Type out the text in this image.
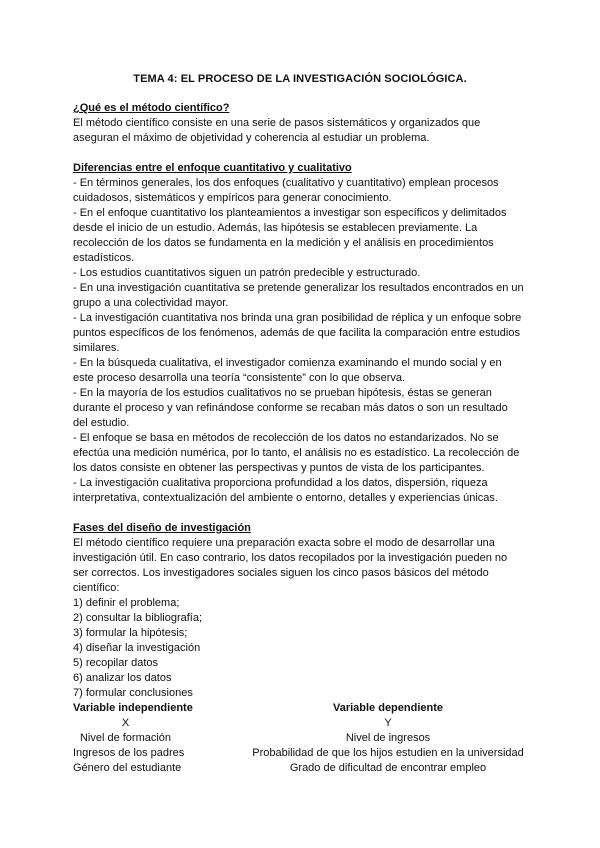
TEMA 4: EL PROCESO DE LA INVESTIGACIÓN SOCIOLÓGICA.

¿Qué es el método científico?

El método científico consiste en una serie de pasos sistemáticos y organizados que

aseguran el máximo de objetividad y coherencia al estudiar un problema.

Diferencias entre el enfoque cuantitativo y cualitativo

- En términos generales, los dos enfoques (cualitativo y cuantitativo) emplean procesos

cuidadosos, sistemáticos y empíricos para generar conocimiento.

- En el enfoque cuantitativo los planteamientos a investigar son específicos y delimitados

desde el inicio de un estudio. Además, las hipótesis se establecen previamente. La

recolección de los datos se fundamenta en la medición y el análisis en procedimientos

estadísticos.

- Los estudios cuantitativos siguen un patrón predecible y estructurado.

- En una investigación cuantitativa se pretende generalizar los resultados encontrados en un

grupo a una colectividad mayor.

- La investigación cuantitativa nos brinda una gran posibilidad de réplica y un enfoque sobre

puntos específicos de los fenómenos, además de que facilita la comparación entre estudios

similares.

- En la búsqueda cualitativa, el investigador comienza examinando el mundo social y en

este proceso desarrolla una teoría “consistente” con lo que observa.

- En la mayoría de los estudios cualitativos no se prueban hipótesis, éstas se generan

durante el proceso y van refinándose conforme se recaban más datos o son un resultado

del estudio.

- El enfoque se basa en métodos de recolección de los datos no estandarizados. No se

efectúa una medición numérica, por lo tanto, el análisis no es estadístico. La recolección de

los datos consiste en obtener las perspectivas y puntos de vista de los participantes.

- La investigación cualitativa proporciona profundidad a los datos, dispersión, riqueza

interpretativa, contextualización del ambiente o entorno, detalles y experiencias únicas.

Fases del diseño de investigación

El método científico requiere una preparación exacta sobre el modo de desarrollar una

investigación útil. En caso contrario, los datos recopilados por la investigación pueden no

ser correctos. Los investigadores sociales siguen los cinco pasos básicos del método

científico:

1) definir el problema;

2) consultar la bibliografía;

3) formular la hipótesis;

4) diseñar la investigación

5) recopilar datos

6) analizar los datos

7) formular conclusiones

Variable independiente	Variable dependiente
X	Y
Nivel de formación	Nivel de ingresos
Ingresos de los padres	Probabilidad de que los hijos estudien en la universidad
Género del estudiante	Grado de dificultad de encontrar empleo
